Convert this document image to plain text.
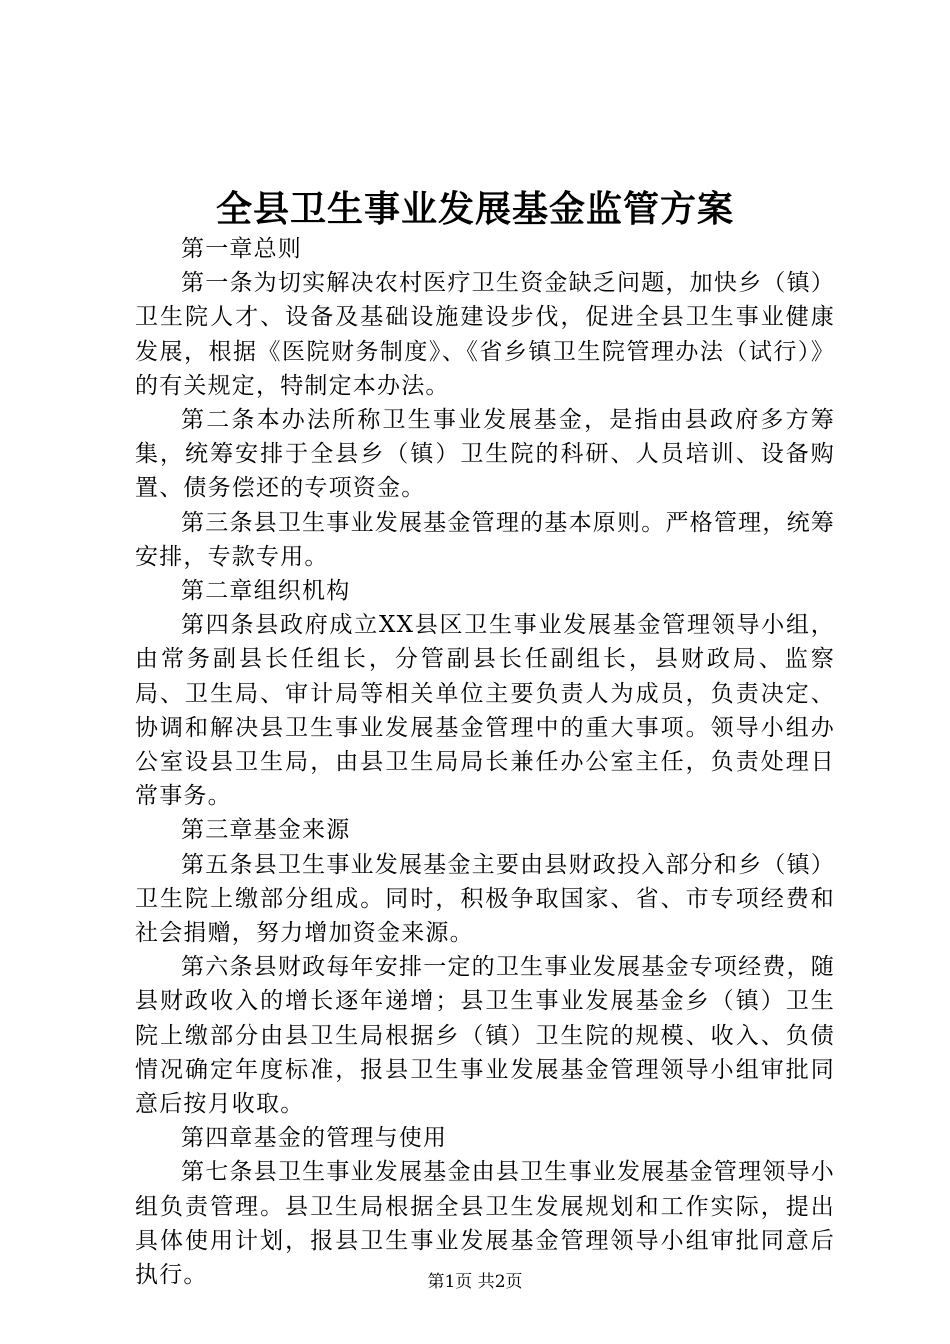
全县卫生事业发展基金监管方案

第一章总则

第一条为切实解决农村医疗卫生资金缺乏问题，加快乡（镇）卫生院人才、设备及基础设施建设步伐，促进全县卫生事业健康发展，根据《医院财务制度》、《省乡镇卫生院管理办法（试行）》的有关规定，特制定本办法。

第二条本办法所称卫生事业发展基金，是指由县政府多方筹集，统筹安排于全县乡（镇）卫生院的科研、人员培训、设备购置、债务偿还的专项资金。

第三条县卫生事业发展基金管理的基本原则。严格管理，统筹安排，专款专用。

第二章组织机构

第四条县政府成立XX县区卫生事业发展基金管理领导小组，由常务副县长任组长，分管副县长任副组长，县财政局、监察局、卫生局、审计局等相关单位主要负责人为成员，负责决定、协调和解决县卫生事业发展基金管理中的重大事项。领导小组办公室设县卫生局，由县卫生局局长兼任办公室主任，负责处理日常事务。

第三章基金来源

第五条县卫生事业发展基金主要由县财政投入部分和乡（镇）卫生院上缴部分组成。同时，积极争取国家、省、市专项经费和社会捐赠，努力增加资金来源。

第六条县财政每年安排一定的卫生事业发展基金专项经费，随县财政收入的增长逐年递增；县卫生事业发展基金乡（镇）卫生院上缴部分由县卫生局根据乡（镇）卫生院的规模、收入、负债情况确定年度标准，报县卫生事业发展基金管理领导小组审批同意后按月收取。

第四章基金的管理与使用

第七条县卫生事业发展基金由县卫生事业发展基金管理领导小组负责管理。县卫生局根据全县卫生发展规划和工作实际，提出具体使用计划，报县卫生事业发展基金管理领导小组审批同意后执行。	第1页 共2页
